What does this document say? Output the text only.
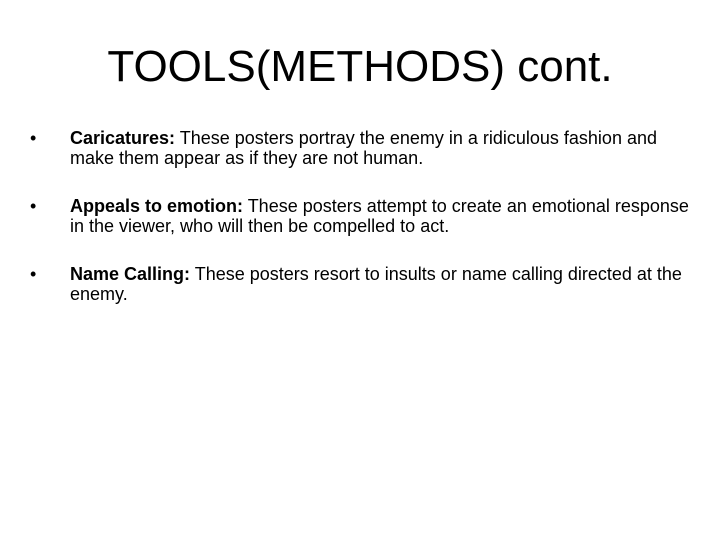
TOOLS(METHODS) cont.
•	Caricatures: These posters portray the enemy in a ridiculous fashion and make them appear as if they are not human.
•	Appeals to emotion: These posters attempt to create an emotional response in the viewer, who will then be compelled to act.
•	Name Calling: These posters resort to insults or name calling directed at the enemy.
